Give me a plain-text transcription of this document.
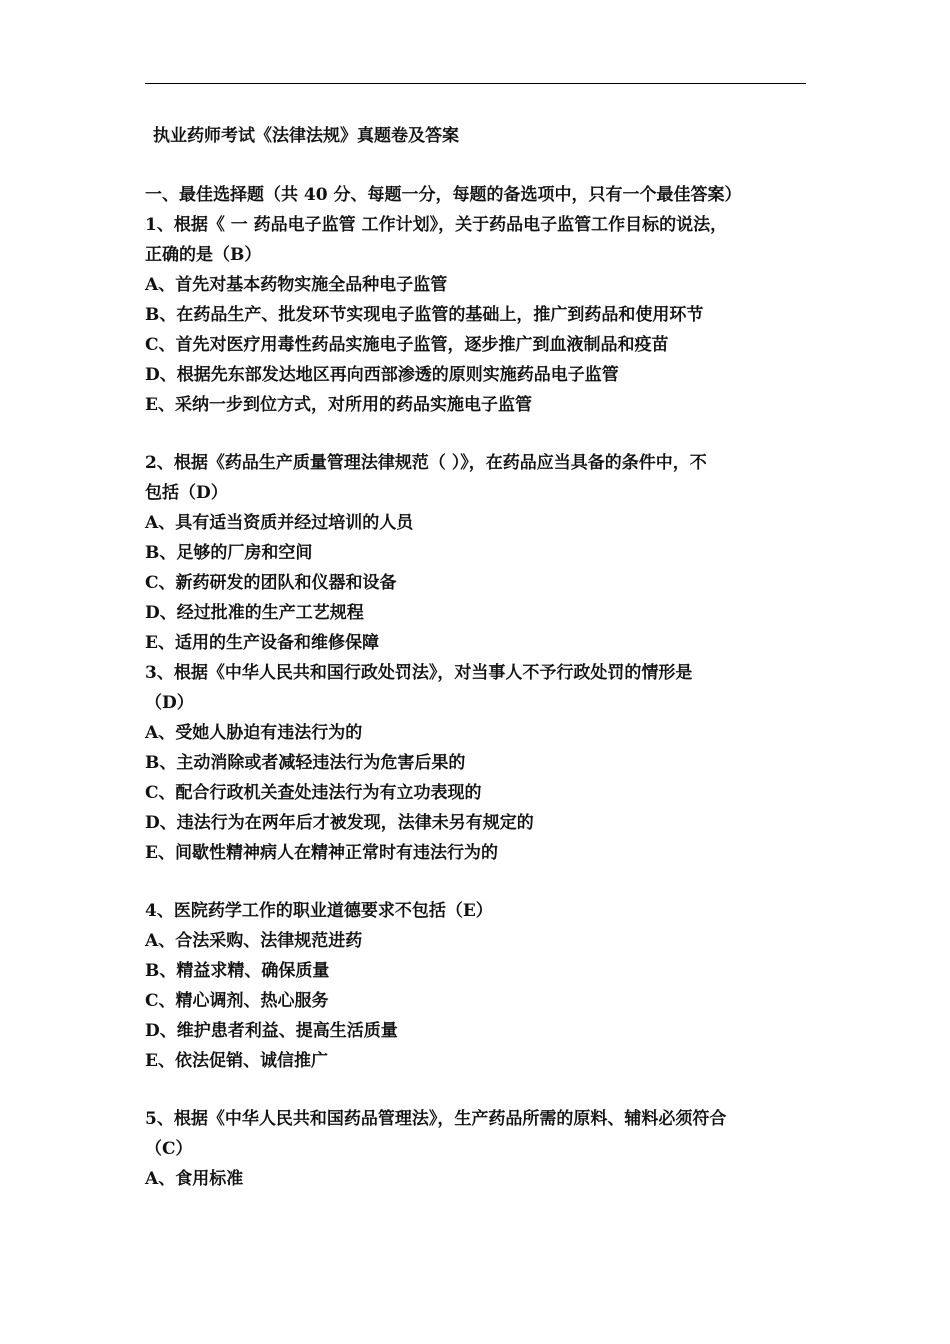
执业药师考试《法律法规》真题卷及答案
一、最佳选择题（共 40 分、每题一分，每题的备选项中，只有一个最佳答案）
1、根据《 一 药品电子监管 工作计划》，关于药品电子监管工作目标的说法，
正确的是（B）
A、首先对基本药物实施全品种电子监管
B、在药品生产、批发环节实现电子监管的基础上，推广到药品和使用环节
C、首先对医疗用毒性药品实施电子监管，逐步推广到血液制品和疫苗
D、根据先东部发达地区再向西部渗透的原则实施药品电子监管
E、采纳一步到位方式，对所用的药品实施电子监管
2、根据《药品生产质量管理法律规范（ ）》，在药品应当具备的条件中，不
包括（D）
A、具有适当资质并经过培训的人员
B、足够的厂房和空间
C、新药研发的团队和仪器和设备
D、经过批准的生产工艺规程
E、适用的生产设备和维修保障
3、根据《中华人民共和国行政处罚法》，对当事人不予行政处罚的情形是
（D）
A、受她人胁迫有违法行为的
B、主动消除或者减轻违法行为危害后果的
C、配合行政机关查处违法行为有立功表现的
D、违法行为在两年后才被发现，法律未另有规定的
E、间歇性精神病人在精神正常时有违法行为的
4、医院药学工作的职业道德要求不包括（E）
A、合法采购、法律规范进药
B、精益求精、确保质量
C、精心调剂、热心服务
D、维护患者利益、提高生活质量
E、依法促销、诚信推广
5、根据《中华人民共和国药品管理法》，生产药品所需的原料、辅料必须符合
（C）
A、食用标准
